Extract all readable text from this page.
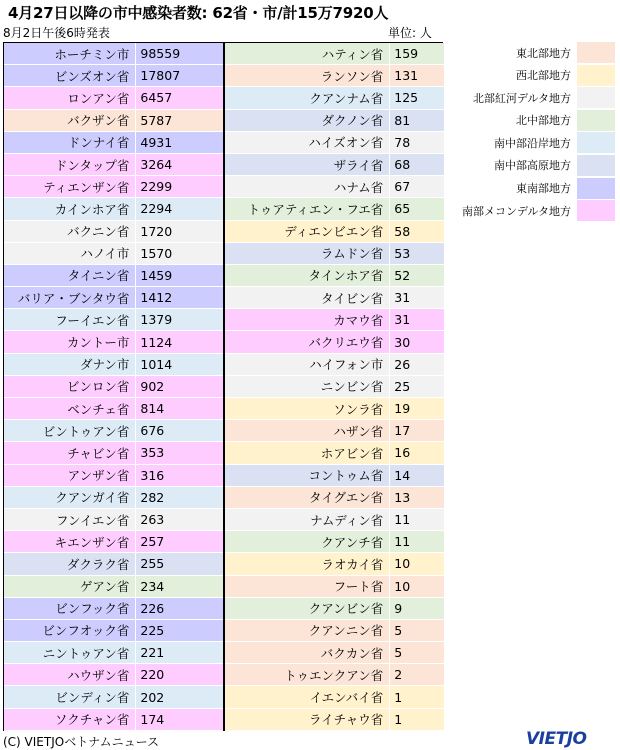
4月27日以降の市中感染者数: 62省・市/計15万7920人
8月2日午後6時発表	単位: 人
ホーチミン市 98559
ビンズオン省 17807
ロンアン省 6457
バクザン省 5787
ドンナイ省 4931
ドンタップ省 3264
ティエンザン省 2299
カインホア省 2294
バクニン省 1720
ハノイ市 1570
タイニン省 1459
バリア・ブンタウ省 1412
フーイエン省 1379
カントー市 1124
ダナン市 1014
ビンロン省 902
ベンチェ省 814
ビントゥアン省 676
チャビン省 353
アンザン省 316
クアンガイ省 282
フンイエン省 263
キエンザン省 257
ダクラク省 255
ゲアン省 234
ビンフック省 226
ビンフオック省 225
ニントゥアン省 221
ハウザン省 220
ビンディン省 202
ソクチャン省 174
ハティン省 159
ランソン省 131
クアンナム省 125
ダクノン省 81
ハイズオン省 78
ザライ省 68
ハナム省 67
トゥアティエン・フエ省 65
ディエンビエン省 58
ラムドン省 53
タインホア省 52
タイビン省 31
カマウ省 31
バクリエウ省 30
ハイフォン市 26
ニンビン省 25
ソンラ省 19
ハザン省 17
ホアビン省 16
コントゥム省 14
タイグエン省 13
ナムディン省 11
クアンチ省 11
ラオカイ省 10
フート省 10
クアンビン省 9
クアンニン省 5
バクカン省 5
トゥエンクアン省 2
イエンバイ省 1
ライチャウ省 1
東北部地方
西北部地方
北部紅河デルタ地方
北中部地方
南中部沿岸地方
南中部高原地方
東南部地方
南部メコンデルタ地方
(C) VIETJOベトナムニュース	VIETJO
